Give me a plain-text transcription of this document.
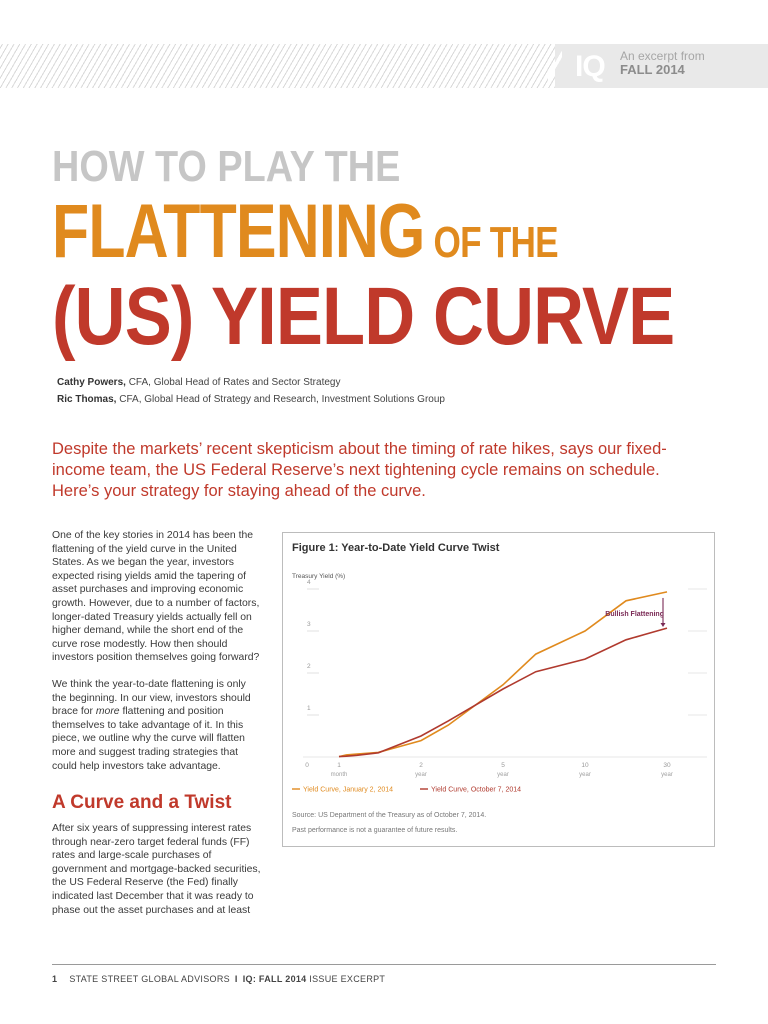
IQ An excerpt from
FALL 2014
HOW TO PLAY THE
FLATTENING OF THE
(US) YIELD CURVE
Cathy Powers, CFA, Global Head of Rates and Sector Strategy
Ric Thomas, CFA, Global Head of Strategy and Research, Investment Solutions Group
Despite the markets’ recent skepticism about the timing of rate hikes, says our fixed-income team, the US Federal Reserve’s next tightening cycle remains on schedule. Here’s your strategy for staying ahead of the curve.
One of the key stories in 2014 has been the flattening of the yield curve in the United States. As we began the year, investors expected rising yields amid the tapering of asset purchases and improving economic growth. However, due to a number of factors, longer-dated Treasury yields actually fell on higher demand, while the short end of the curve rose modestly. How then should investors position themselves going forward?
We think the year-to-date flattening is only the beginning. In our view, investors should brace for more flattening and position themselves to take advantage of it. In this piece, we outline why the curve will flatten more and suggest trading strategies that could help investors take advantage.
A Curve and a Twist
After six years of suppressing interest rates through near-zero target federal funds (FF) rates and large-scale purchases of government and mortgage-backed securities, the US Federal Reserve (the Fed) finally indicated last December that it was ready to phase out the asset purchases and at least
Figure 1: Year-to-Date Yield Curve Twist
Treasury Yield (%)
1
2
3
4
0	1
month
2
year
5
year
10
year
30
year
Bullish Flattening
Yield Curve, January 2, 2014	Yield Curve, October 7, 2014
Source: US Department of the Treasury as of October 7, 2014.
Past performance is not a guarantee of future results.
1 STATE STREET GLOBAL ADVISORS I IQ: FALL 2014 ISSUE EXCERPT
